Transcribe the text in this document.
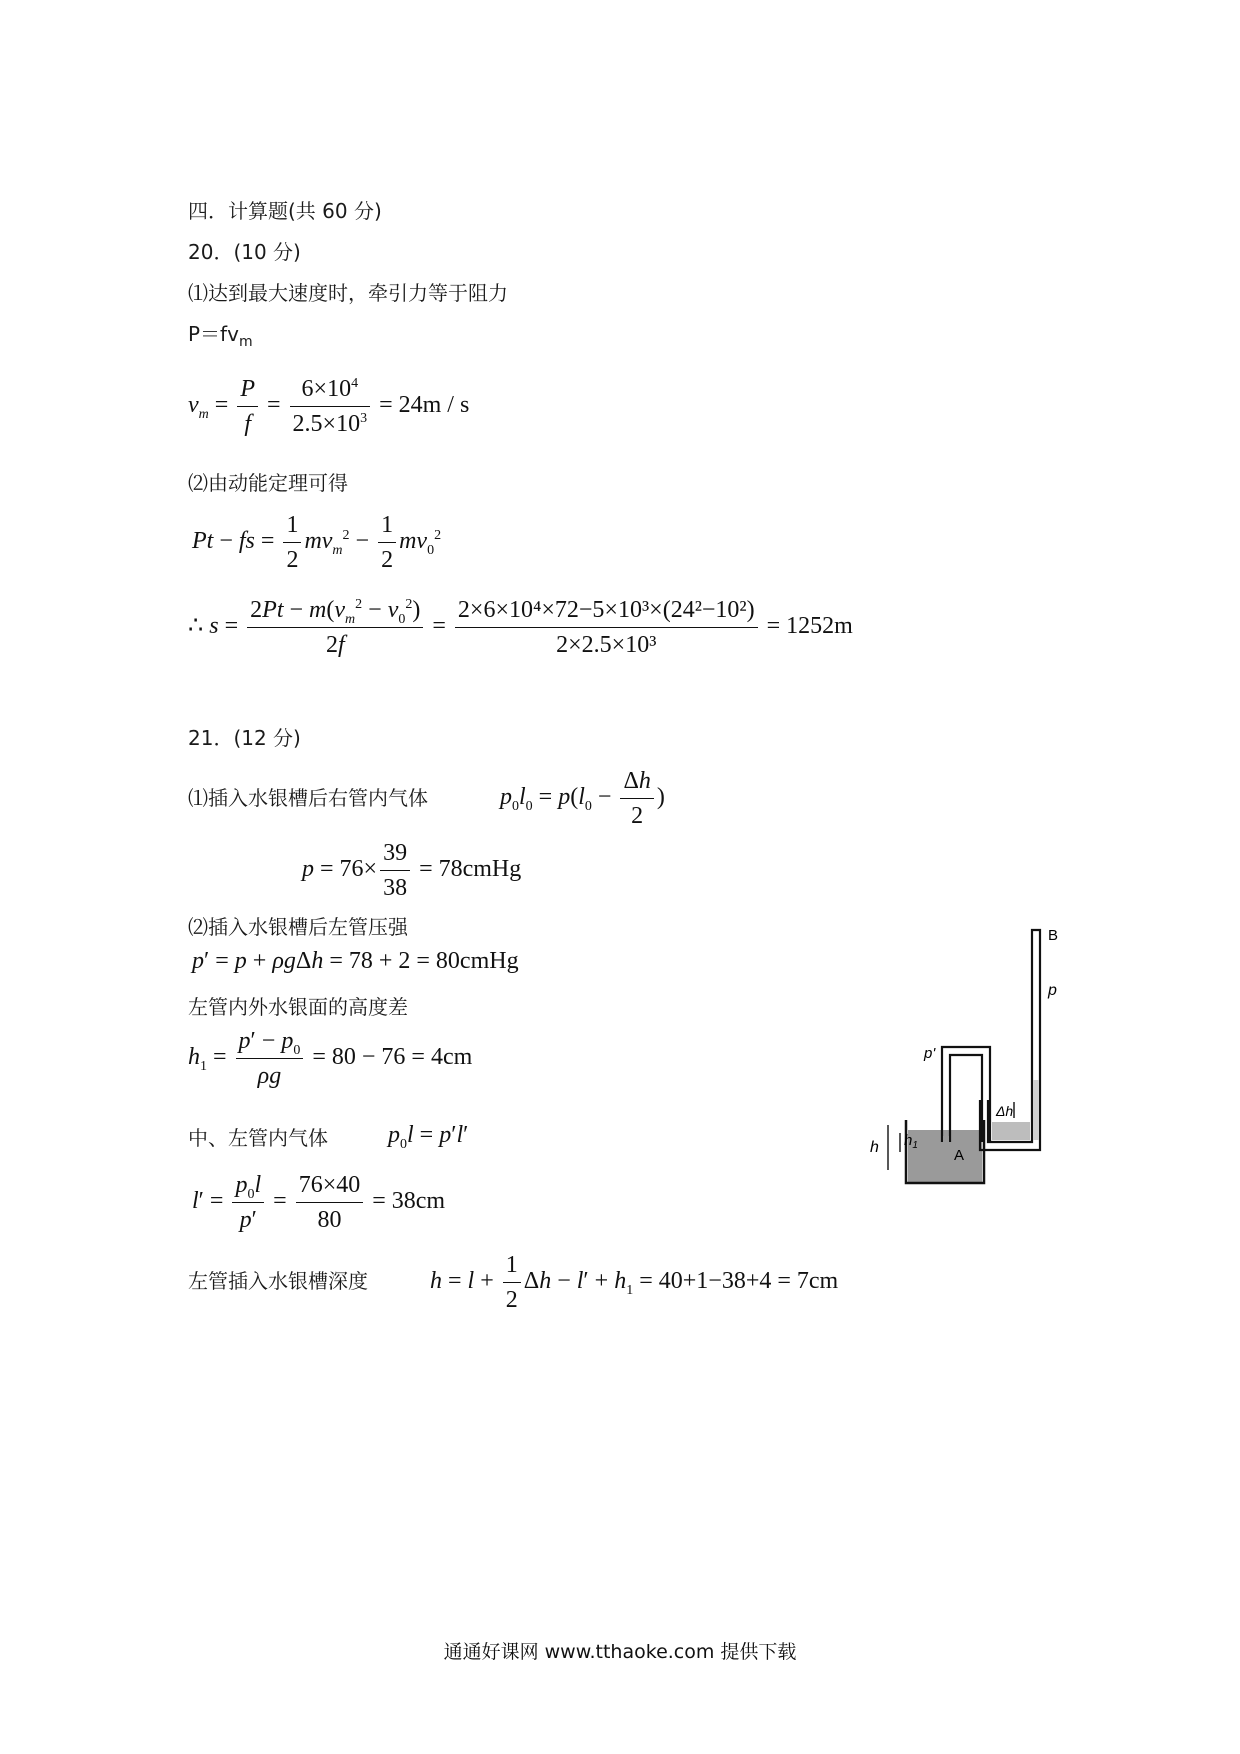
四．计算题(共 60 分)
20．(10 分)
⑴达到最大速度时，牵引力等于阻力
$P=fv_m$
$v_m = \frac{P}{f} = \frac{6\times 10^4}{2.5\times 10^3} = 24m / s$
⑵由动能定理可得
Pt − fs = $\frac{1}{2} mv_m^2 - \frac{1}{2} mv_0^2$
∴ $s = \frac{2Pt - m(v_m^2 - v_0^2)}{2f} = \frac{\text{2×6×10⁴×72−5×10³×(24²−10²)}}{\text{2×2.5×10³}} = 1252m$
21．(12 分)
⑴插入水银槽后右管内气体	$p_0l_0 = p(l_0 - \frac{\Delta h}{2}$ )
$p = 76\times \frac{39}{38}$ = 78cmHg
⑵插入水银槽后左管压强
p′ = p + ρgΔh = 78 + 2 = 80cmHg
左管内外水银面的高度差
$h_1 = \frac{p' - p_0}{\rho g} = 80 - 76 = 4cm$
中、左管内气体	$p_0l = p'l'$
$l' = \frac{p_0l}{p'} = \frac{76\times 40}{80} = 38cm$
左管插入水银槽深度	$h = l + \frac{1}{2}$ $\Delta h - l' + h_1 = 40+1-38+4 = 7cm$
B
p
p'
A
h $h_1$
Δh
通通好课网 www.tthaoke.com 提供下载
